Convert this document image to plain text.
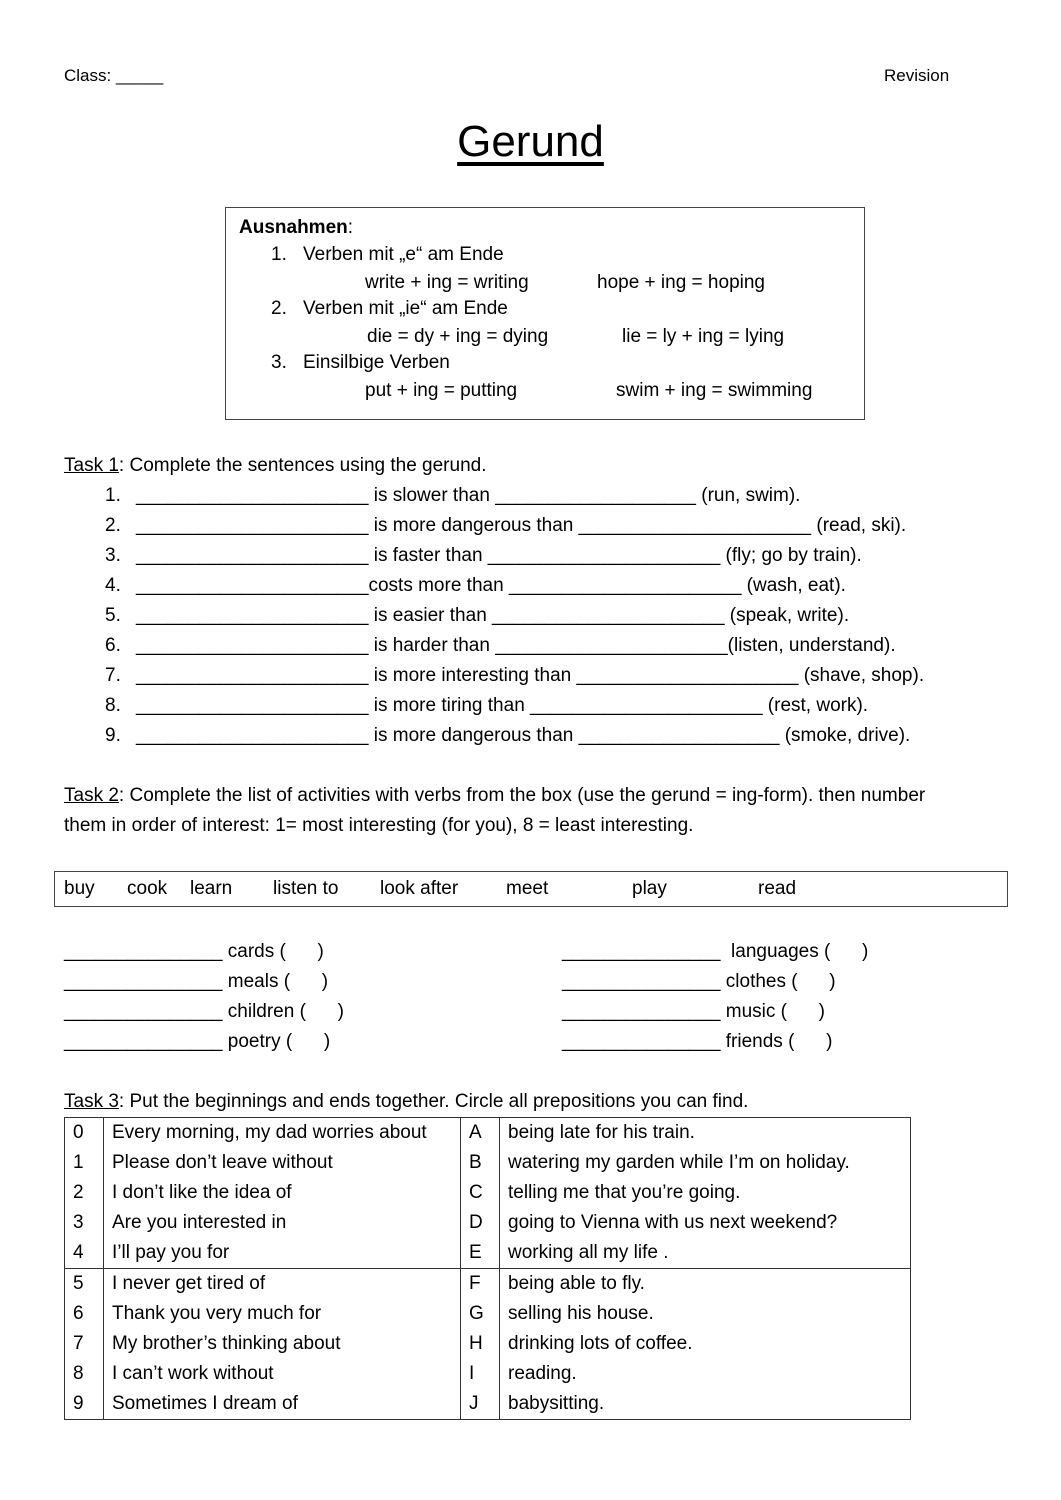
Class: _____	Revision
Gerund
Ausnahmen:
1. Verben mit „e“ am Ende
write + ing = writing	hope + ing = hoping
2. Verben mit „ie“ am Ende
die = dy + ing = dying	lie = ly + ing = lying
3. Einsilbige Verben
put + ing = putting	swim + ing = swimming
Task 1: Complete the sentences using the gerund.
1. ______________________ is slower than ___________________ (run, swim).
2. ______________________ is more dangerous than ______________________ (read, ski).
3. ______________________ is faster than ______________________ (fly; go by train).
4. ______________________costs more than ______________________ (wash, eat).
5. ______________________ is easier than ______________________ (speak, write).
6. ______________________ is harder than ______________________(listen, understand).
7. ______________________ is more interesting than _____________________ (shave, shop).
8. ______________________ is more tiring than ______________________ (rest, work).
9. ______________________ is more dangerous than ___________________ (smoke, drive).
Task 2: Complete the list of activities with verbs from the box (use the gerund = ing-form). then number
them in order of interest: 1= most interesting (for you), 8 = least interesting.
buy cook learn listen to look after	meet	play	read
_______________ cards (      )
_______________ meals (      )
_______________ children (      )
_______________ poetry (      )
_______________  languages (      )
_______________ clothes (      )
_______________ music (      )
_______________ friends (      )
Task 3: Put the beginnings and ends together. Circle all prepositions you can find.
0	Every morning, my dad worries about	A	being late for his train.
1	Please don’t leave without	B	watering my garden while I’m on holiday.
2	I don’t like the idea of	C	telling me that you’re going.
3	Are you interested in	D	going to Vienna with us next weekend?
4	I’ll pay you for	E	working all my life .
5	I never get tired of	F	being able to fly.
6	Thank you very much for	G	selling his house.
7	My brother’s thinking about	H	drinking lots of coffee.
8	I can’t work without	I	reading.
9	Sometimes I dream of	J	babysitting.
